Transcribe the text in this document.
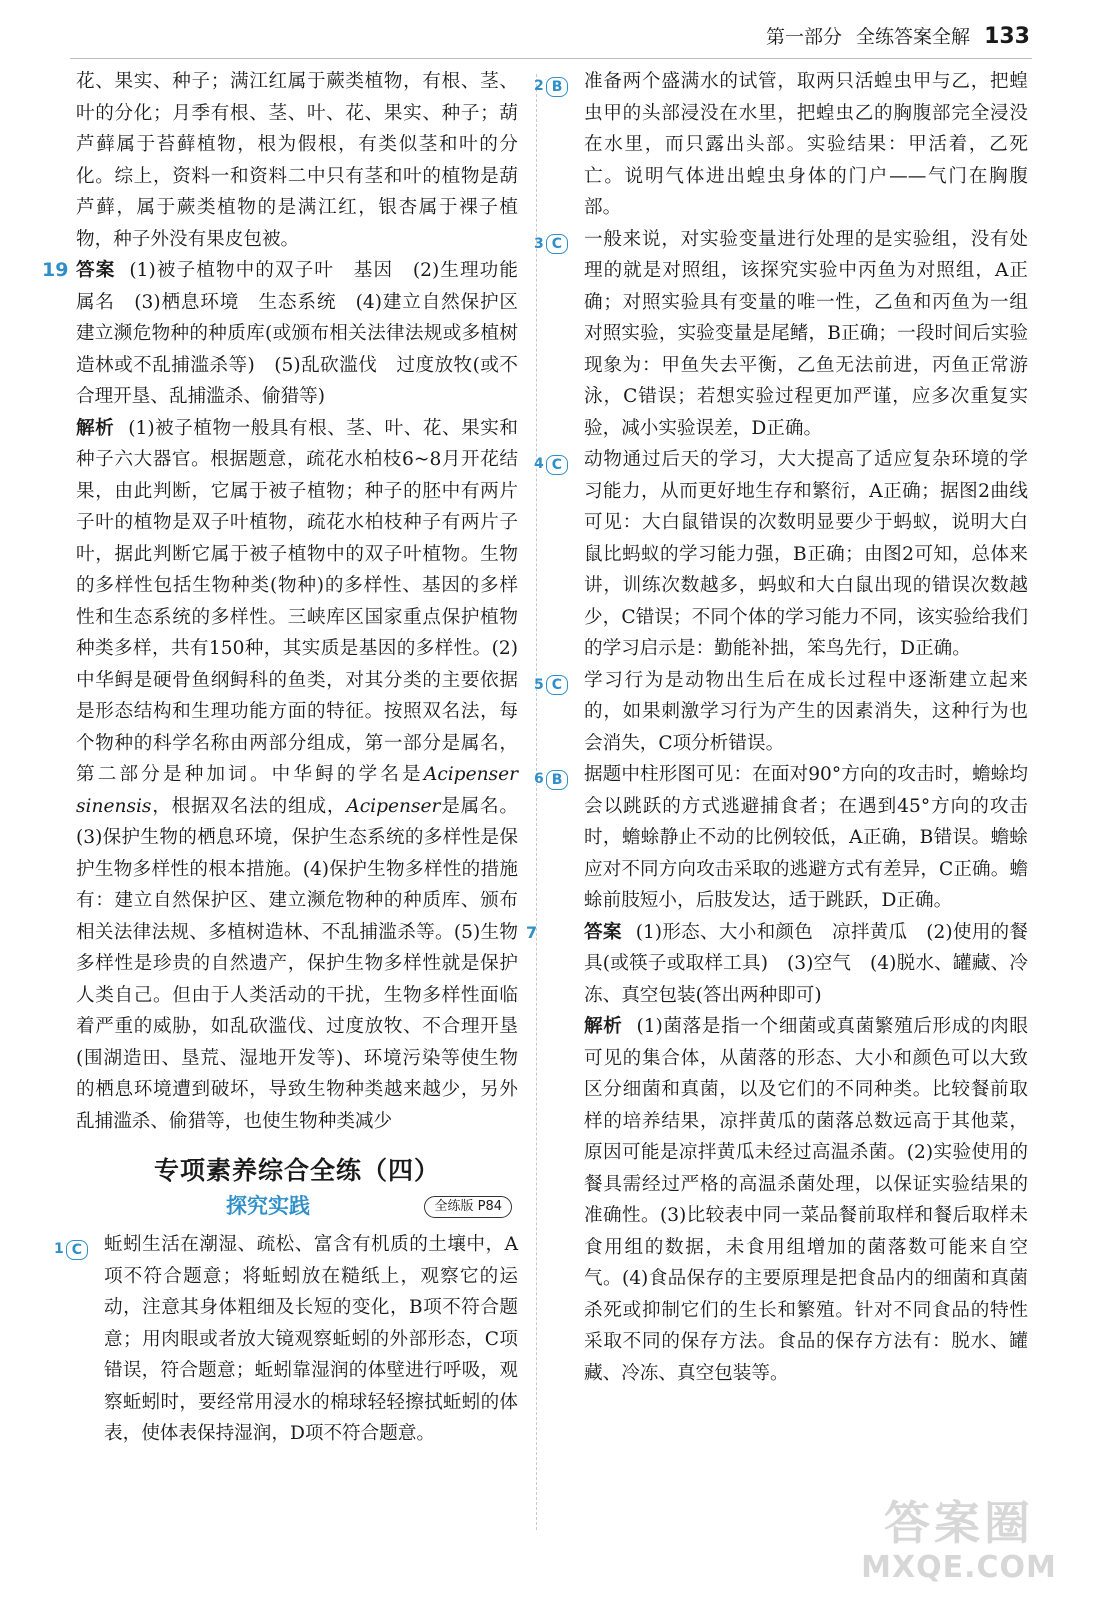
第一部分 全练答案全解 133

花、果实、种子；满江红属于蕨类植物，有根、茎、叶的分化；月季有根、茎、叶、花、果实、种子；葫芦藓属于苔藓植物，根为假根，有类似茎和叶的分化。综上，资料一和资料二中只有茎和叶的植物是葫芦藓，属于蕨类植物的是满江红，银杏属于裸子植物，种子外没有果皮包被。

19 答案 (1)被子植物中的双子叶　基因　(2)生理功能　属名　(3)栖息环境　生态系统　(4)建立自然保护区　建立濒危物种的种质库(或颁布相关法律法规或多植树造林或不乱捕滥杀等)　(5)乱砍滥伐　过度放牧(或不合理开垦、乱捕滥杀、偷猎等)

解析 (1)被子植物一般具有根、茎、叶、花、果实和种子六大器官。根据题意，疏花水柏枝6~8月开花结果，由此判断，它属于被子植物；种子的胚中有两片子叶的植物是双子叶植物，疏花水柏枝种子有两片子叶，据此判断它属于被子植物中的双子叶植物。生物的多样性包括生物种类(物种)的多样性、基因的多样性和生态系统的多样性。三峡库区国家重点保护植物种类多样，共有150种，其实质是基因的多样性。(2)中华鲟是硬骨鱼纲鲟科的鱼类，对其分类的主要依据是形态结构和生理功能方面的特征。按照双名法，每个物种的科学名称由两部分组成，第一部分是属名，第二部分是种加词。中华鲟的学名是Acipenser sinensis，根据双名法的组成，Acipenser是属名。(3)保护生物的栖息环境，保护生态系统的多样性是保护生物多样性的根本措施。(4)保护生物多样性的措施有：建立自然保护区、建立濒危物种的种质库、颁布相关法律法规、多植树造林、不乱捕滥杀等。(5)生物多样性是珍贵的自然遗产，保护生物多样性就是保护人类自己。但由于人类活动的干扰，生物多样性面临着严重的威胁，如乱砍滥伐、过度放牧、不合理开垦(围湖造田、垦荒、湿地开发等)、环境污染等使生物的栖息环境遭到破坏，导致生物种类越来越少，另外乱捕滥杀、偷猎等，也使生物种类减少

专项素养综合全练（四）
探究实践	全练版 P84
1 C	蚯蚓生活在潮湿、疏松、富含有机质的土壤中，A项不符合题意；将蚯蚓放在糙纸上，观察它的运动，注意其身体粗细及长短的变化，B项不符合题意；用肉眼或者放大镜观察蚯蚓的外部形态，C项错误，符合题意；蚯蚓靠湿润的体壁进行呼吸，观察蚯蚓时，要经常用浸水的棉球轻轻擦拭蚯蚓的体表，使体表保持湿润，D项不符合题意。

2 B	准备两个盛满水的试管，取两只活蝗虫甲与乙，把蝗虫甲的头部浸没在水里，把蝗虫乙的胸腹部完全浸没在水里，而只露出头部。实验结果：甲活着，乙死亡。说明气体进出蝗虫身体的门户——气门在胸腹部。

3 C	一般来说，对实验变量进行处理的是实验组，没有处理的就是对照组，该探究实验中丙鱼为对照组，A正确；对照实验具有变量的唯一性，乙鱼和丙鱼为一组对照实验，实验变量是尾鳍，B正确；一段时间后实验现象为：甲鱼失去平衡，乙鱼无法前进，丙鱼正常游泳，C错误；若想实验过程更加严谨，应多次重复实验，减小实验误差，D正确。

4 C	动物通过后天的学习，大大提高了适应复杂环境的学习能力，从而更好地生存和繁衍，A正确；据图2曲线可见：大白鼠错误的次数明显要少于蚂蚁，说明大白鼠比蚂蚁的学习能力强，B正确；由图2可知，总体来讲，训练次数越多，蚂蚁和大白鼠出现的错误次数越少，C错误；不同个体的学习能力不同，该实验给我们的学习启示是：勤能补拙，笨鸟先行，D正确。

5 C	学习行为是动物出生后在成长过程中逐渐建立起来的，如果刺激学习行为产生的因素消失，这种行为也会消失，C项分析错误。

6 B	据题中柱形图可见：在面对90°方向的攻击时，蟾蜍均会以跳跃的方式逃避捕食者；在遇到45°方向的攻击时，蟾蜍静止不动的比例较低，A正确，B错误。蟾蜍应对不同方向攻击采取的逃避方式有差异，C正确。蟾蜍前肢短小，后肢发达，适于跳跃，D正确。

7	答案 (1)形态、大小和颜色　凉拌黄瓜　(2)使用的餐具(或筷子或取样工具)　(3)空气　(4)脱水、罐藏、冷冻、真空包装(答出两种即可)

解析 (1)菌落是指一个细菌或真菌繁殖后形成的肉眼可见的集合体，从菌落的形态、大小和颜色可以大致区分细菌和真菌，以及它们的不同种类。比较餐前取样的培养结果，凉拌黄瓜的菌落总数远高于其他菜，原因可能是凉拌黄瓜未经过高温杀菌。(2)实验使用的餐具需经过严格的高温杀菌处理，以保证实验结果的准确性。(3)比较表中同一菜品餐前取样和餐后取样未食用组的数据，未食用组增加的菌落数可能来自空气。(4)食品保存的主要原理是把食品内的细菌和真菌杀死或抑制它们的生长和繁殖。针对不同食品的特性采取不同的保存方法。食品的保存方法有：脱水、罐藏、冷冻、真空包装等。

答案圈
MXQE.COM
